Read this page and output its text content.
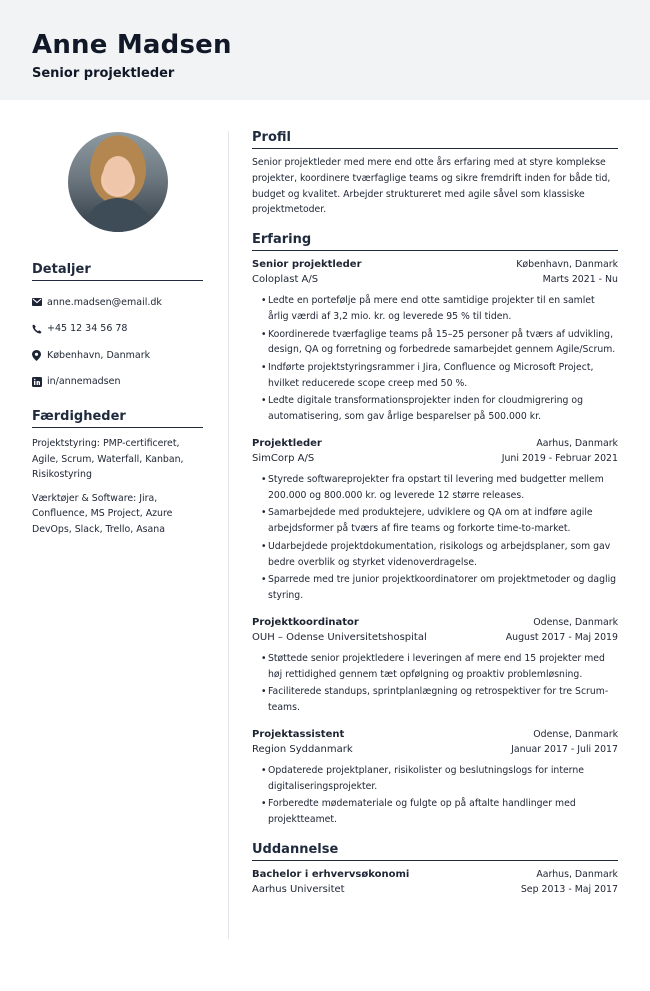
Anne Madsen
Senior projektleder
Detaljer
anne.madsen@email.dk
+45 12 34 56 78
København, Danmark
in/annemadsen
Færdigheder

Projektstyring: PMP-certificeret, Agile, Scrum, Waterfall, Kanban, Risikostyring

Værktøjer & Software: Jira, Confluence, MS Project, Azure DevOps, Slack, Trello, Asana

Profil

Senior projektleder med mere end otte års erfaring med at styre komplekse projekter, koordinere tværfaglige teams og sikre fremdrift inden for både tid, budget og kvalitet. Arbejder struktureret med agile såvel som klassiske projektmetoder.

Erfaring
Senior projektleder	København, Danmark
Coloplast A/S	Marts 2021 - Nu
• Ledte en portefølje på mere end otte samtidige projekter til en samlet årlig værdi af 3,2 mio. kr. og leverede 95 % til tiden.
• Koordinerede tværfaglige teams på 15–25 personer på tværs af udvikling, design, QA og forretning og forbedrede samarbejdet gennem Agile/Scrum.
• Indførte projektstyringsrammer i Jira, Confluence og Microsoft Project, hvilket reducerede scope creep med 50 %.
• Ledte digitale transformationsprojekter inden for cloudmigrering og automatisering, som gav årlige besparelser på 500.000 kr.
Projektleder	Aarhus, Danmark
SimCorp A/S	Juni 2019 - Februar 2021
• Styrede softwareprojekter fra opstart til levering med budgetter mellem 200.000 og 800.000 kr. og leverede 12 større releases.
• Samarbejdede med produktejere, udviklere og QA om at indføre agile arbejdsformer på tværs af fire teams og forkorte time-to-market.
• Udarbejdede projektdokumentation, risikologs og arbejdsplaner, som gav bedre overblik og styrket videnoverdragelse.
• Sparrede med tre junior projektkoordinatorer om projektmetoder og daglig styring.
Projektkoordinator	Odense, Danmark
OUH – Odense Universitetshospital	August 2017 - Maj 2019
• Støttede senior projektledere i leveringen af mere end 15 projekter med høj rettidighed gennem tæt opfølgning og proaktiv problemløsning.
• Faciliterede standups, sprintplanlægning og retrospektiver for tre Scrum-teams.
Projektassistent	Odense, Danmark
Region Syddanmark	Januar 2017 - Juli 2017
• Opdaterede projektplaner, risikolister og beslutningslogs for interne digitaliseringsprojekter.
• Forberedte mødemateriale og fulgte op på aftalte handlinger med projektteamet.
Uddannelse
Bachelor i erhvervsøkonomi	Aarhus, Danmark
Aarhus Universitet	Sep 2013 - Maj 2017
